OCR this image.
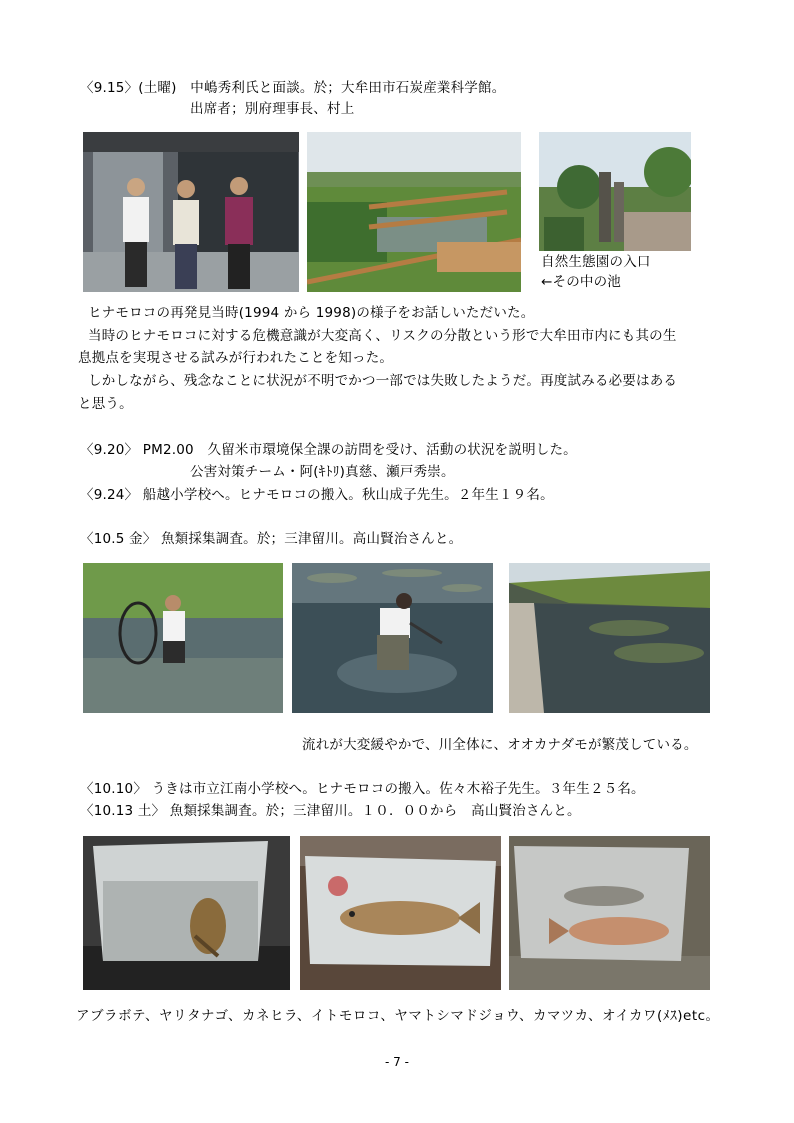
〈9.15〉(土曜)　 中嶋秀利氏と面談。於；大牟田市石炭産業科学館。
出席者；別府理事長、村上
自然生態園の入口
←その中の池
ヒナモロコの再発見当時(1994 から 1998)の様子をお話しいただいた。
当時のヒナモロコに対する危機意識が大変高く、リスクの分散という形で大牟田市内にも其の生
息拠点を実現させる試みが行われたことを知った。
しかしながら、残念なことに状況が不明でかつ一部では失敗したようだ。再度試みる必要はある
と思う。
〈9.20〉 PM2.00　 久留米市環境保全課の訪問を受け、活動の状況を説明した。
公害対策チーム・阿(ｷﾄﾘ)真慈、瀬戸秀崇。
〈9.24〉 船越小学校へ。ヒナモロコの搬入。秋山成子先生。２年生１９名。
〈10.5 金〉 魚類採集調査。於；三津留川。高山賢治さんと。
流れが大変緩やかで、川全体に、オオカナダモが繁茂している。
〈10.10〉 うきは市立江南小学校へ。ヒナモロコの搬入。佐々木裕子先生。３年生２５名。
〈10.13 土〉 魚類採集調査。於；三津留川。１０．００から　高山賢治さんと。
アブラボテ、ヤリタナゴ、カネヒラ、イトモロコ、ヤマトシマドジョウ、カマツカ、オイカワ(ﾒｽ)etc。
- 7 -
